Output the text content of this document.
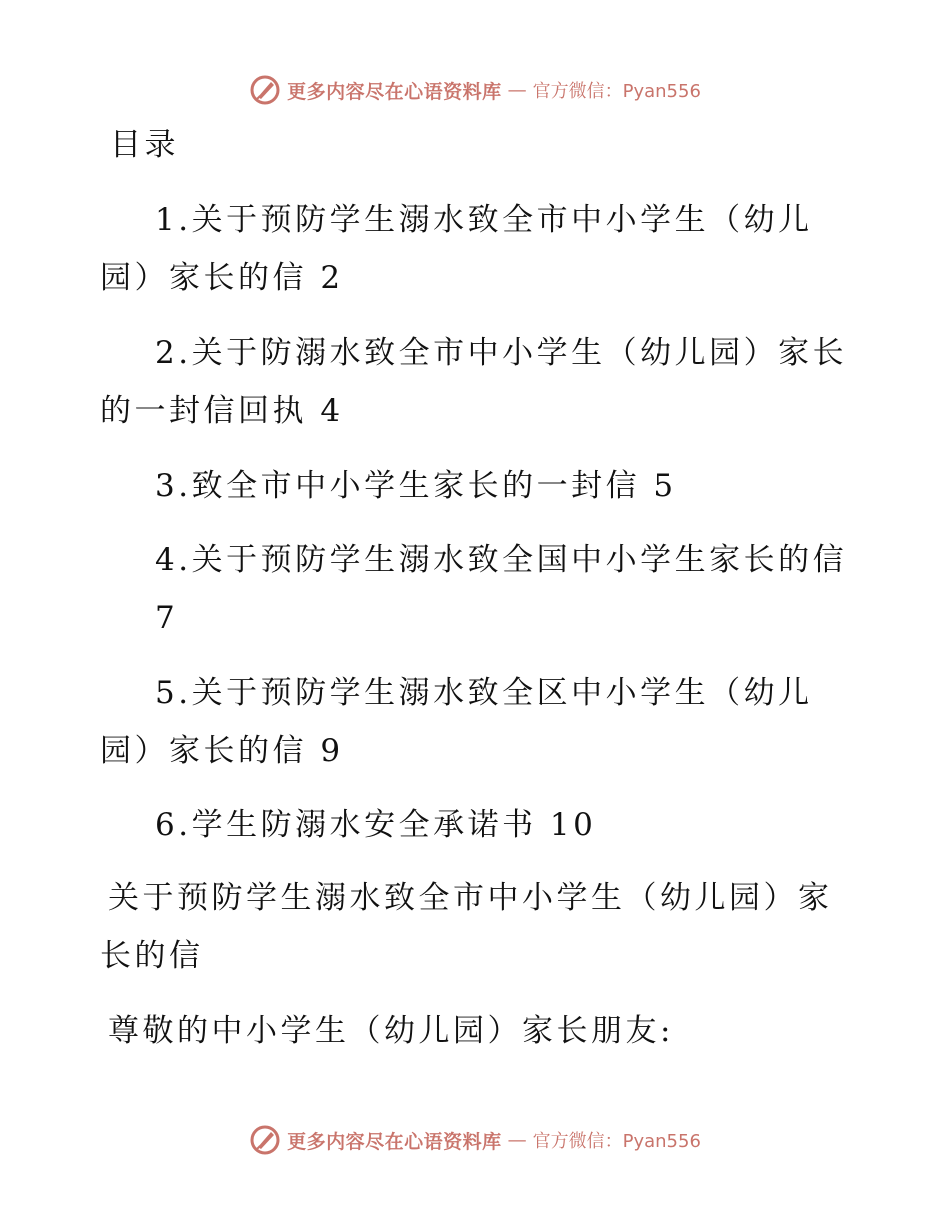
更多内容尽在心语资料库 — 官方微信：Pyan556
目录
1.关于预防学生溺水致全市中小学生（幼儿
园）家长的信 2
2.关于防溺水致全市中小学生（幼儿园）家长
的一封信回执 4
3.致全市中小学生家长的一封信 5
4.关于预防学生溺水致全国中小学生家长的信
7
5.关于预防学生溺水致全区中小学生（幼儿
园）家长的信 9
6.学生防溺水安全承诺书 10
关于预防学生溺水致全市中小学生（幼儿园）家
长的信
尊敬的中小学生（幼儿园）家长朋友:
更多内容尽在心语资料库 — 官方微信：Pyan556
